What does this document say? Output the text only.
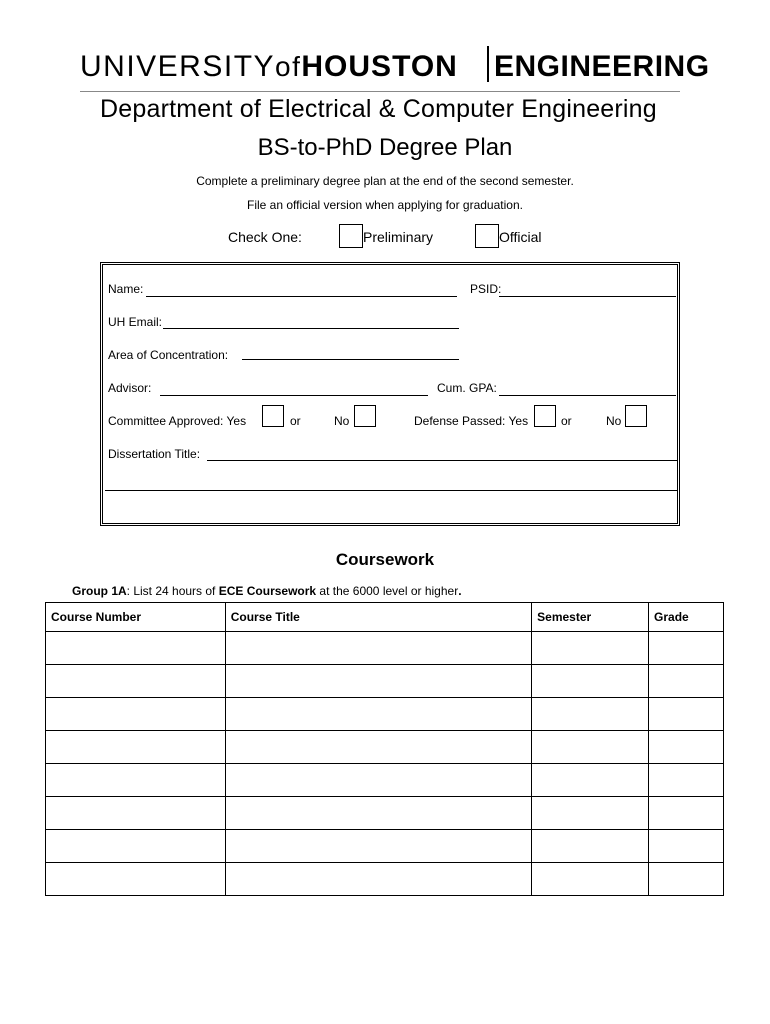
UNIVERSITYofHOUSTON ENGINEERING
Department of Electrical & Computer Engineering
BS-to-PhD Degree Plan
Complete a preliminary degree plan at the end of the second semester.
File an official version when applying for graduation.
Check One:	Preliminary	Official
Name:	PSID:
UH Email:
Area of Concentration:
Advisor:	Cum. GPA:
Committee Approved: Yes	or	No	Defense Passed: Yes	or	No
Dissertation Title:
Coursework
Group 1A: List 24 hours of ECE Coursework at the 6000 level or higher.
Course Number	Course Title	Semester	Grade
